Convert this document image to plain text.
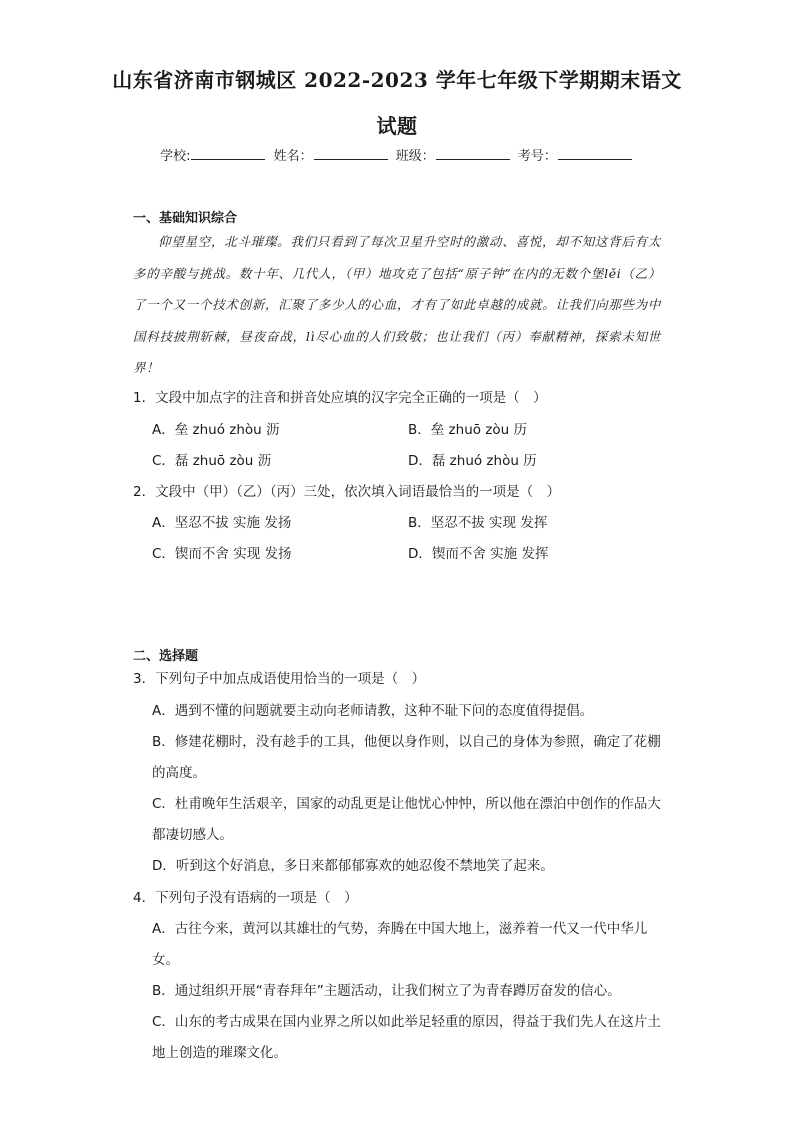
山东省济南市钢城区 2022-2023 学年七年级下学期期末语文
试题
学校:	姓名：	班级：	考号：
一、基础知识综合
仰望星空，北斗璀璨。我们只看到了每次卫星升空时的激动、喜悦，却不知这背后有太多的辛酸与挑战。数十年、几代人，（甲）地攻克了包括“原子钟”在内的无数个堡lěi（乙）了一个又一个技术创新，汇聚了多少人的心血，才有了如此卓越的成就。让我们向那些为中国科技披荆斩棘，昼夜奋战，lì尽心血的人们致敬；也让我们（丙）奉献精神，探索未知世界！
1．文段中加点字的注音和拼音处应填的汉字完全正确的一项是（　）
A．垒 zhuó zhòu 沥	B．垒 zhuō zòu 历
C．磊 zhuō zòu 沥	D．磊 zhuó zhòu 历
2．文段中（甲）（乙）（丙）三处，依次填入词语最恰当的一项是（　）
A．坚忍不拔 实施 发扬	B．坚忍不拔 实现 发挥
C．锲而不舍 实现 发扬	D．锲而不舍 实施 发挥
二、选择题
3．下列句子中加点成语使用恰当的一项是（　）
A．遇到不懂的问题就要主动向老师请教，这种不耻下问的态度值得提倡。
B．修建花棚时，没有趁手的工具，他便以身作则，以自己的身体为参照，确定了花棚的高度。
C．杜甫晚年生活艰辛，国家的动乱更是让他忧心忡忡，所以他在漂泊中创作的作品大都凄切感人。
D．听到这个好消息，多日来都郁郁寡欢的她忍俊不禁地笑了起来。
4．下列句子没有语病的一项是（　）
A．古往今来，黄河以其雄壮的气势，奔腾在中国大地上，滋养着一代又一代中华儿女。
B．通过组织开展“青春拜年”主题活动，让我们树立了为青春蹲厉奋发的信心。
C．山东的考古成果在国内业界之所以如此举足轻重的原因，得益于我们先人在这片土地上创造的璀璨文化。
